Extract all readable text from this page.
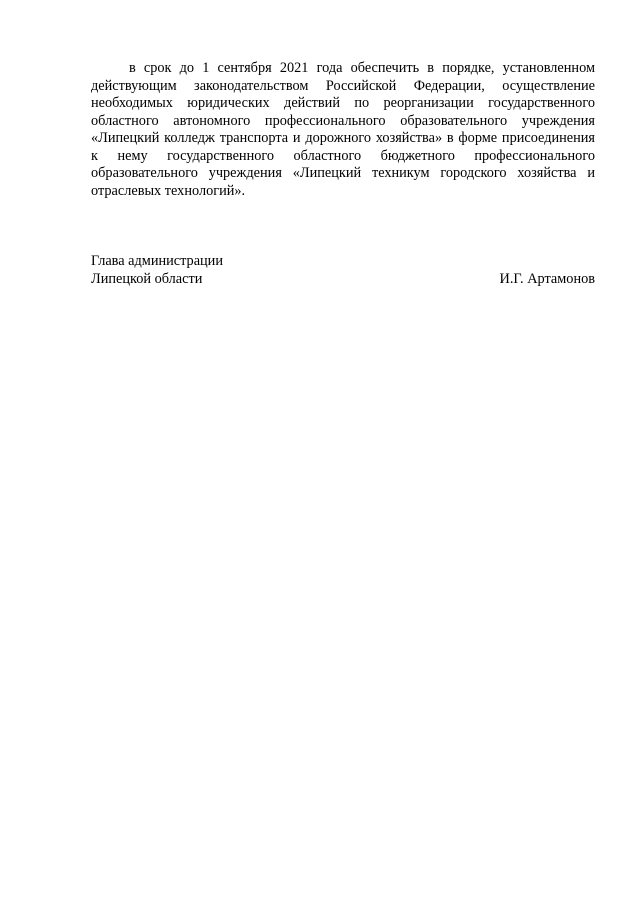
в срок до 1 сентября 2021 года обеспечить в порядке, установленном действующим законодательством Российской Федерации, осуществление необходимых юридических действий по реорганизации государственного областного автономного профессионального образовательного учреждения «Липецкий колледж транспорта и дорожного хозяйства» в форме присоединения к нему государственного областного бюджетного профессионального образовательного учреждения «Липецкий техникум городского хозяйства и отраслевых технологий».

Глава администрации
Липецкой области	И.Г. Артамонов
